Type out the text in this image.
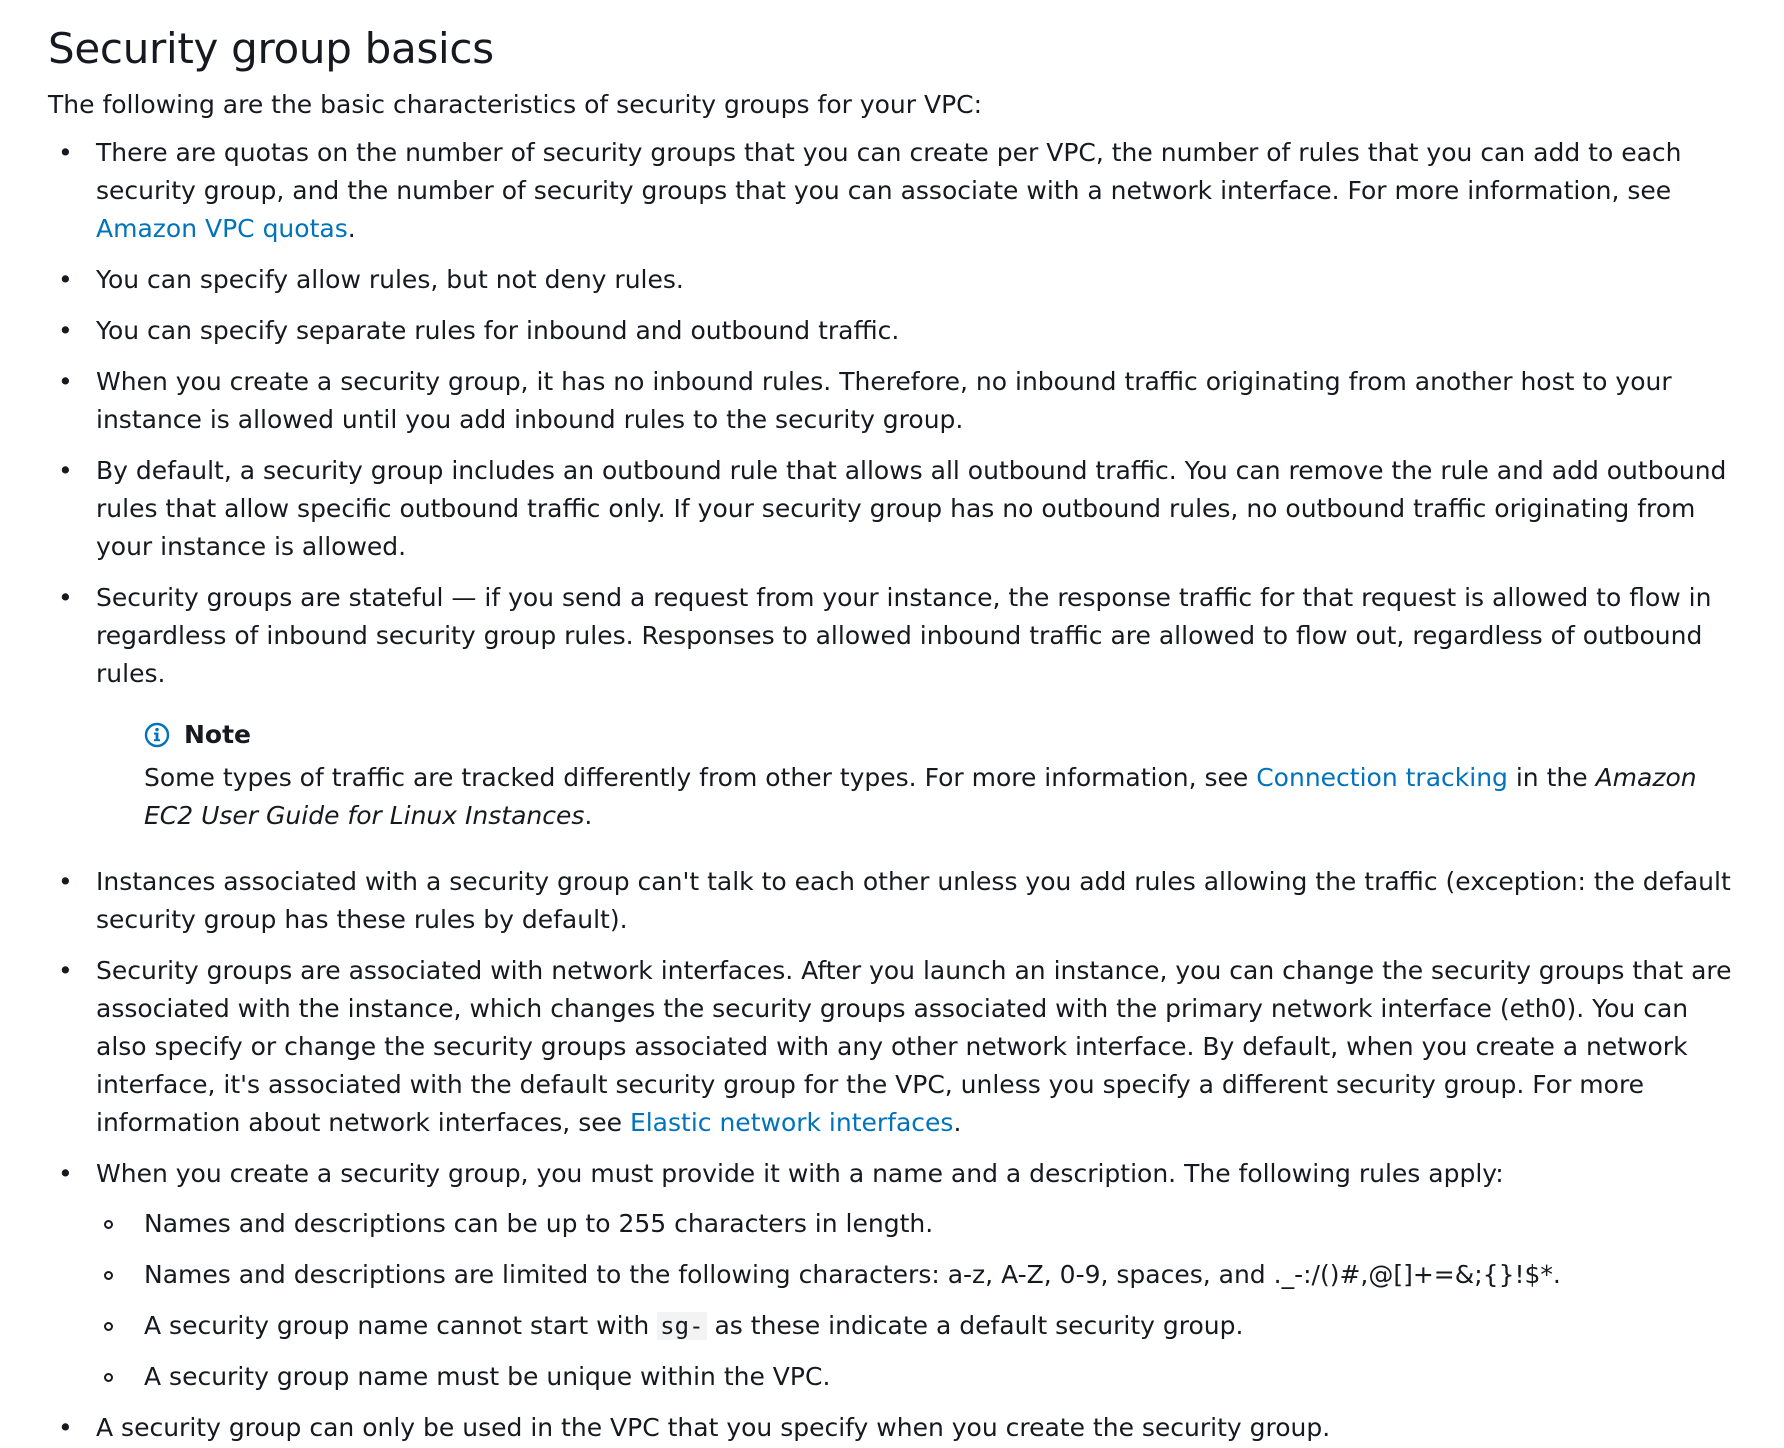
Security group basics

The following are the basic characteristics of security groups for your VPC:

• There are quotas on the number of security groups that you can create per VPC, the number of rules that you can add to each security group, and the number of security groups that you can associate with a network interface. For more information, see Amazon VPC quotas.
• You can specify allow rules, but not deny rules.
• You can specify separate rules for inbound and outbound traffic.
• When you create a security group, it has no inbound rules. Therefore, no inbound traffic originating from another host to your instance is allowed until you add inbound rules to the security group.
• By default, a security group includes an outbound rule that allows all outbound traffic. You can remove the rule and add outbound rules that allow specific outbound traffic only. If your security group has no outbound rules, no outbound traffic originating from your instance is allowed.
• Security groups are stateful — if you send a request from your instance, the response traffic for that request is allowed to flow in regardless of inbound security group rules. Responses to allowed inbound traffic are allowed to flow out, regardless of outbound rules.
Note
Some types of traffic are tracked differently from other types. For more information, see Connection tracking in the Amazon EC2 User Guide for Linux Instances.
• Instances associated with a security group can't talk to each other unless you add rules allowing the traffic (exception: the default security group has these rules by default).
• Security groups are associated with network interfaces. After you launch an instance, you can change the security groups that are associated with the instance, which changes the security groups associated with the primary network interface (eth0). You can also specify or change the security groups associated with any other network interface. By default, when you create a network interface, it's associated with the default security group for the VPC, unless you specify a different security group. For more information about network interfaces, see Elastic network interfaces.
• When you create a security group, you must provide it with a name and a description. The following rules apply:
Names and descriptions can be up to 255 characters in length.
Names and descriptions are limited to the following characters: a-z, A-Z, 0-9, spaces, and ._-:/()#,@[]+=&;{}!$*.
A security group name cannot start with sg- as these indicate a default security group.
A security group name must be unique within the VPC.
• A security group can only be used in the VPC that you specify when you create the security group.
